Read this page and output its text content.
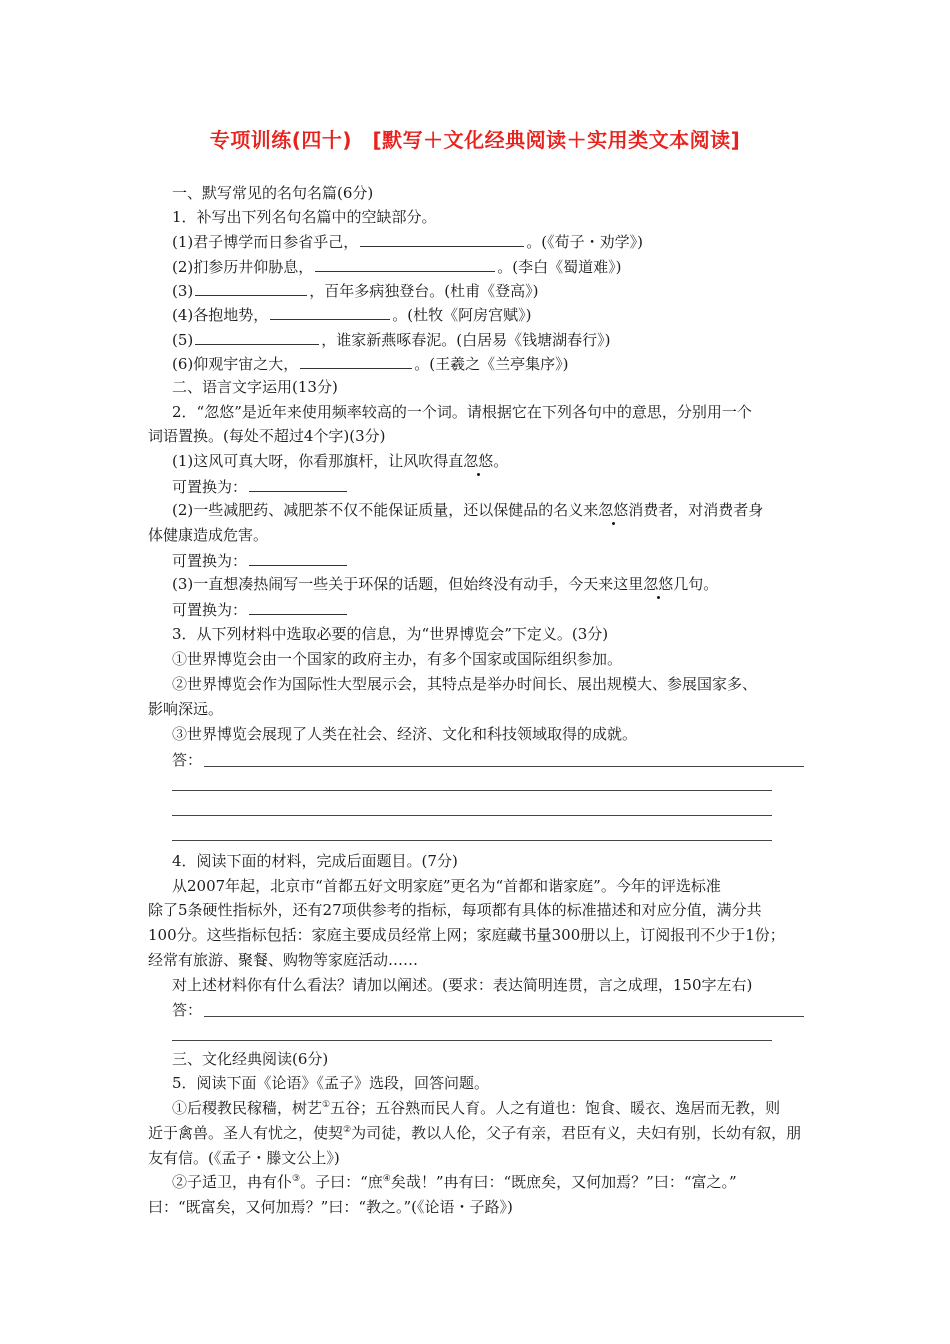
专项训练(四十)　[默写＋文化经典阅读＋实用类文本阅读]
一、默写常见的名句名篇(6分)
1．补写出下列名句名篇中的空缺部分。
(1)君子博学而日参省乎己，	。(《荀子・劝学》)
(2)扪参历井仰胁息，	。(李白《蜀道难》)
(3)	，百年多病独登台。(杜甫《登高》)
(4)各抱地势，	。(杜牧《阿房宫赋》)
(5)	，谁家新燕啄春泥。(白居易《钱塘湖春行》)
(6)仰观宇宙之大，	。(王羲之《兰亭集序》)
二、语言文字运用(13分)
2．“忽悠”是近年来使用频率较高的一个词。请根据它在下列各句中的意思，分别用一个
词语置换。(每处不超过4个字)(3分)
(1)这风可真大呀，你看那旗杆，让风吹得直忽悠。
可置换为：
(2)一些减肥药、减肥茶不仅不能保证质量，还以保健品的名义来忽悠消费者，对消费者身
体健康造成危害。
可置换为：
(3)一直想凑热闹写一些关于环保的话题，但始终没有动手，今天来这里忽悠几句。
可置换为：
3．从下列材料中选取必要的信息，为“世界博览会”下定义。(3分)
①世界博览会由一个国家的政府主办，有多个国家或国际组织参加。
②世界博览会作为国际性大型展示会，其特点是举办时间长、展出规模大、参展国家多、
影响深远。
③世界博览会展现了人类在社会、经济、文化和科技领域取得的成就。
答：
4．阅读下面的材料，完成后面题目。(7分)
从2007年起，北京市“首都五好文明家庭”更名为“首都和谐家庭”。今年的评选标准
除了5条硬性指标外，还有27项供参考的指标，每项都有具体的标准描述和对应分值，满分共
100分。这些指标包括：家庭主要成员经常上网；家庭藏书量300册以上，订阅报刊不少于1份；
经常有旅游、聚餐、购物等家庭活动……
对上述材料你有什么看法？请加以阐述。(要求：表达简明连贯，言之成理，150字左右)
答：
三、文化经典阅读(6分)
5．阅读下面《论语》《孟子》选段，回答问题。
①后稷教民稼穑，树艺①五谷；五谷熟而民人育。人之有道也：饱食、暖衣、逸居而无教，则
近于禽兽。圣人有忧之，使契②为司徒，教以人伦，父子有亲，君臣有义，夫妇有别，长幼有叙，朋
友有信。(《孟子・滕文公上》)
②子适卫，冉有仆③。子曰：“庶④矣哉！”冉有曰：“既庶矣，又何加焉？”曰：“富之。”
曰：“既富矣，又何加焉？”曰：“教之。”(《论语・子路》)
